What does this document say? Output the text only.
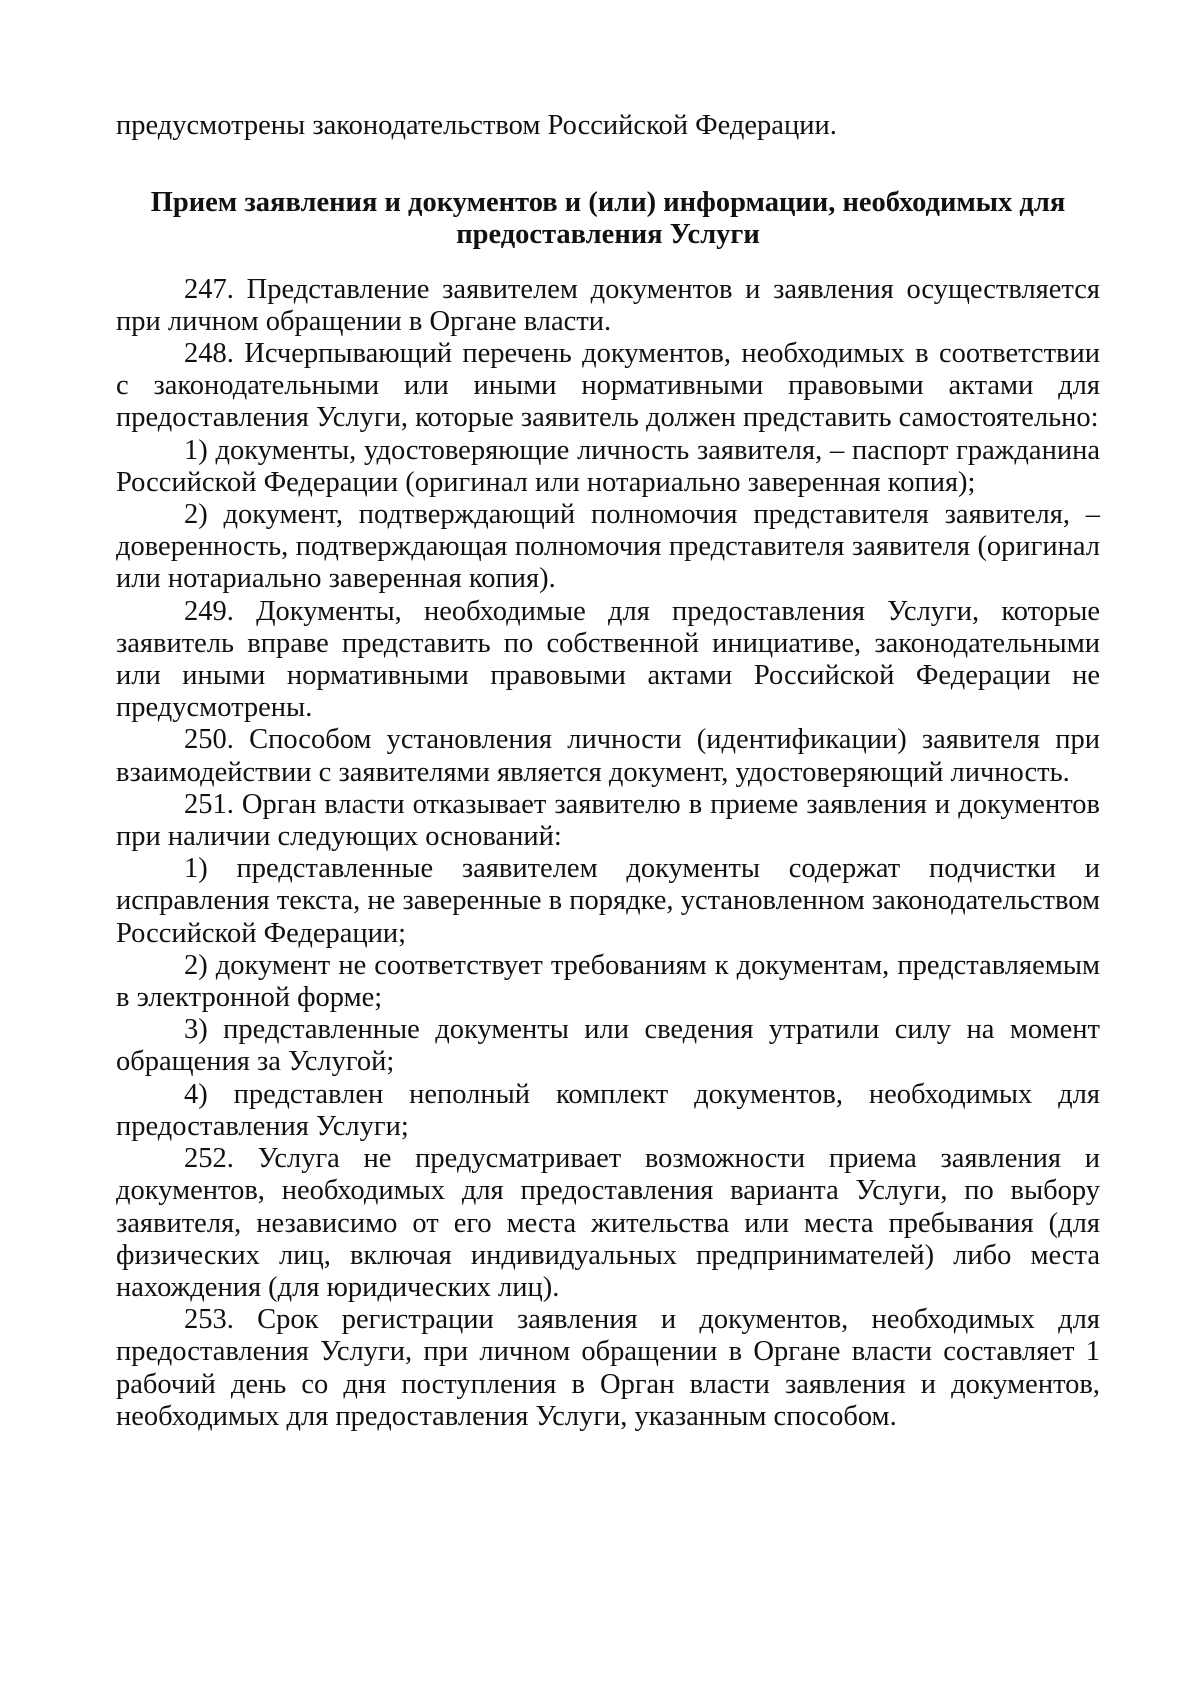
предусмотрены законодательством Российской Федерации.

Прием заявления и документов и (или) информации, необходимых для
предоставления Услуги

247. Представление заявителем документов и заявления осуществляется при личном обращении в Органе власти.

248. Исчерпывающий перечень документов, необходимых в соответствии с законодательными или иными нормативными правовыми актами для предоставления Услуги, которые заявитель должен представить самостоятельно:

1) документы, удостоверяющие личность заявителя, – паспорт гражданина Российской Федерации (оригинал или нотариально заверенная копия);

2) документ, подтверждающий полномочия представителя заявителя, – доверенность, подтверждающая полномочия представителя заявителя (оригинал или нотариально заверенная копия).

249. Документы, необходимые для предоставления Услуги, которые заявитель вправе представить по собственной инициативе, законодательными или иными нормативными правовыми актами Российской Федерации не предусмотрены.

250. Способом установления личности (идентификации) заявителя при взаимодействии с заявителями является документ, удостоверяющий личность.

251. Орган власти отказывает заявителю в приеме заявления и документов при наличии следующих оснований:

1) представленные заявителем документы содержат подчистки и исправления текста, не заверенные в порядке, установленном законодательством Российской Федерации;

2) документ не соответствует требованиям к документам, представляемым в электронной форме;

3) представленные документы или сведения утратили силу на момент обращения за Услугой;

4) представлен неполный комплект документов, необходимых для предоставления Услуги;

252. Услуга не предусматривает возможности приема заявления и документов, необходимых для предоставления варианта Услуги, по выбору заявителя, независимо от его места жительства или места пребывания (для физических лиц, включая индивидуальных предпринимателей) либо места нахождения (для юридических лиц).

253. Срок регистрации заявления и документов, необходимых для предоставления Услуги, при личном обращении в Органе власти составляет 1 рабочий день со дня поступления в Орган власти заявления и документов, необходимых для предоставления Услуги, указанным способом.
